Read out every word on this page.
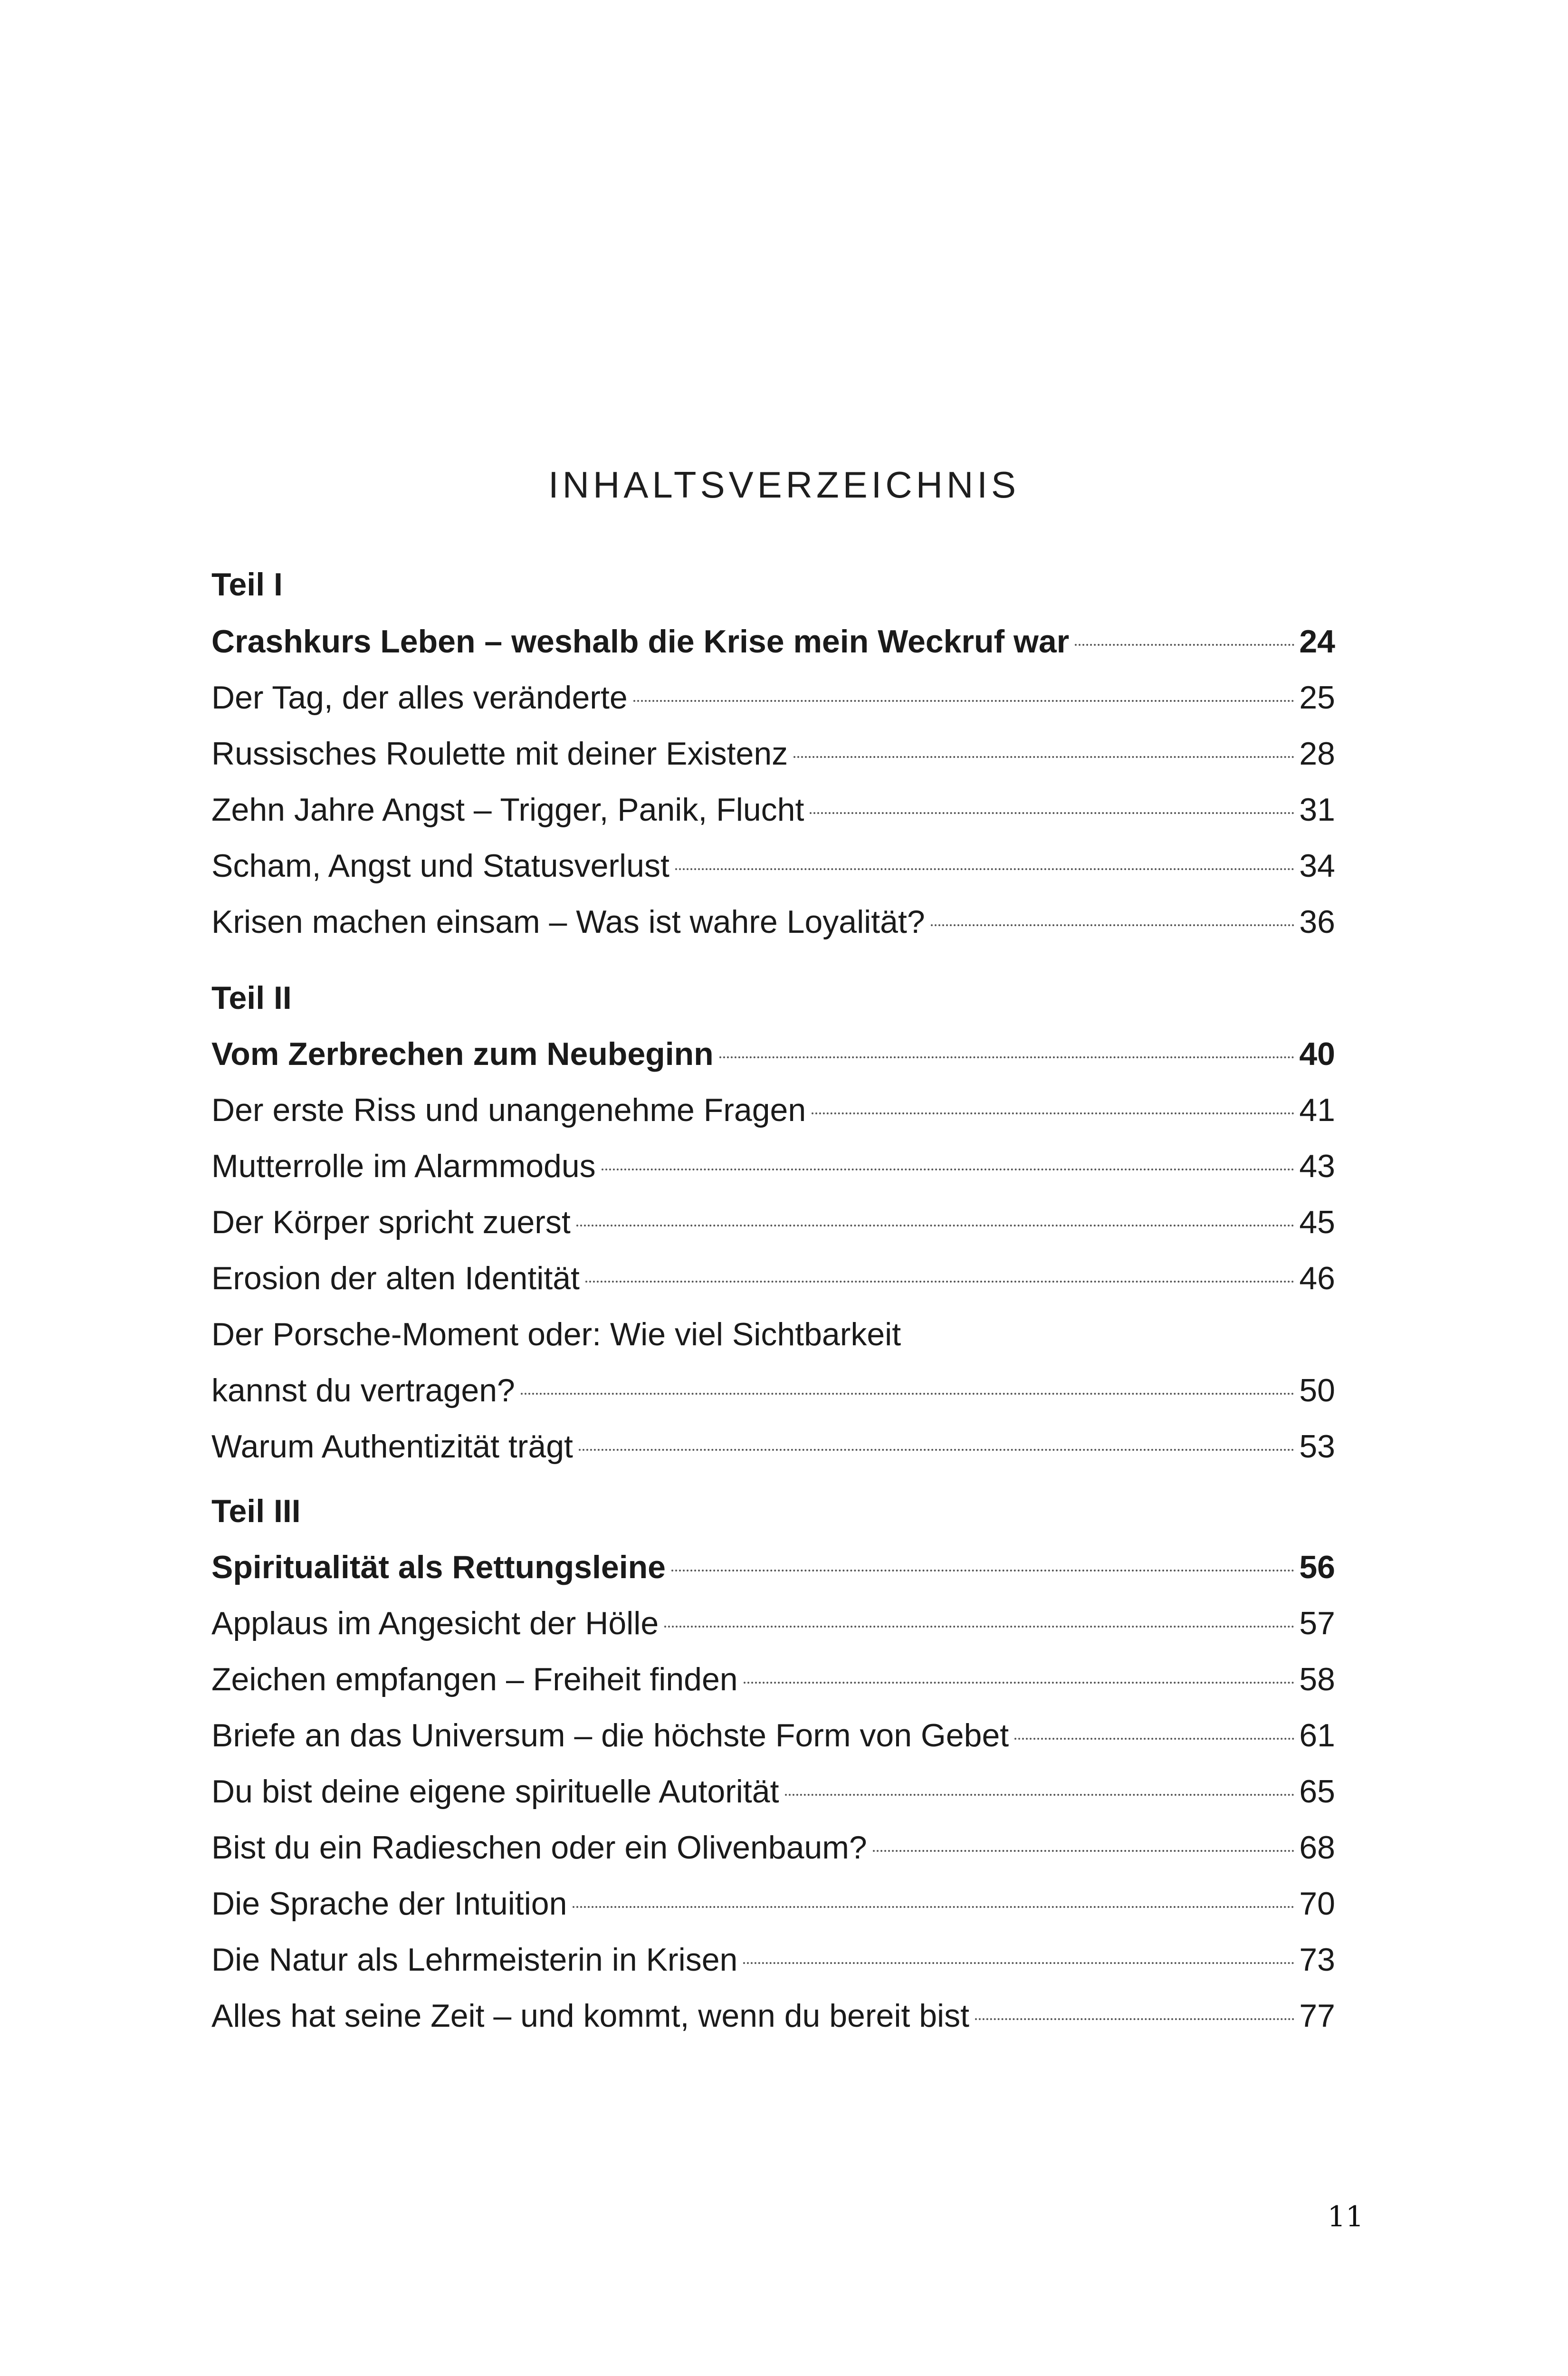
INHALTSVERZEICHNIS
Teil I
Crashkurs Leben – weshalb die Krise mein Weckruf war	24
Der Tag, der alles veränderte	25
Russisches Roulette mit deiner Existenz	28
Zehn Jahre Angst – Trigger, Panik, Flucht	31
Scham, Angst und Statusverlust	34
Krisen machen einsam – Was ist wahre Loyalität?	36
Teil II
Vom Zerbrechen zum Neubeginn	40
Der erste Riss und unangenehme Fragen	41
Mutterrolle im Alarmmodus	43
Der Körper spricht zuerst	45
Erosion der alten Identität	46
Der Porsche-Moment oder: Wie viel Sichtbarkeit
kannst du vertragen?	50
Warum Authentizität trägt	53
Teil III
Spiritualität als Rettungsleine	56
Applaus im Angesicht der Hölle	57
Zeichen empfangen – Freiheit finden	58
Briefe an das Universum – die höchste Form von Gebet	61
Du bist deine eigene spirituelle Autorität	65
Bist du ein Radieschen oder ein Olivenbaum?	68
Die Sprache der Intuition	70
Die Natur als Lehrmeisterin in Krisen	73
Alles hat seine Zeit – und kommt, wenn du bereit bist	77
11
